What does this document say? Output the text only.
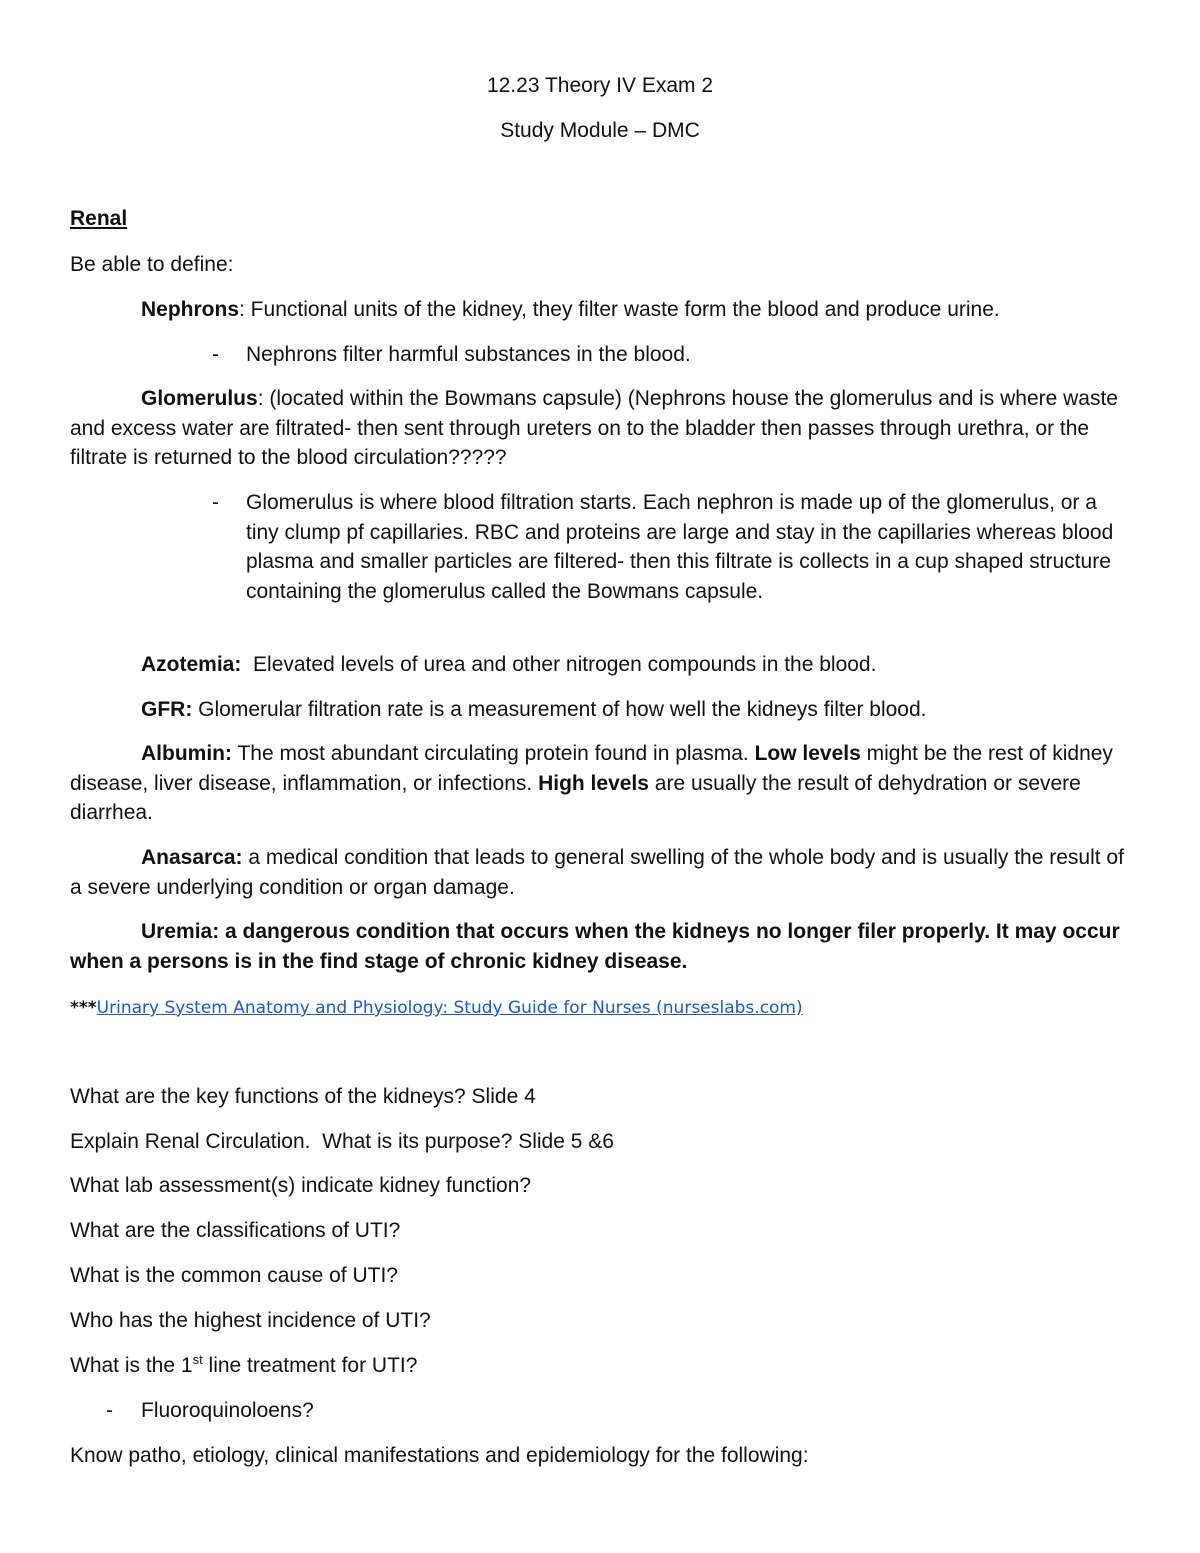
12.23 Theory IV Exam 2
Study Module – DMC
Renal
Be able to define:
Nephrons: Functional units of the kidney, they filter waste form the blood and produce urine.
- Nephrons filter harmful substances in the blood.
Glomerulus: (located within the Bowmans capsule) (Nephrons house the glomerulus and is where waste and excess water are filtrated- then sent through ureters on to the bladder then passes through urethra, or the filtrate is returned to the blood circulation?????
- Glomerulus is where blood filtration starts. Each nephron is made up of the glomerulus, or a tiny clump pf capillaries. RBC and proteins are large and stay in the capillaries whereas blood plasma and smaller particles are filtered- then this filtrate is collects in a cup shaped structure containing the glomerulus called the Bowmans capsule.
Azotemia:  Elevated levels of urea and other nitrogen compounds in the blood.
GFR: Glomerular filtration rate is a measurement of how well the kidneys filter blood.
Albumin: The most abundant circulating protein found in plasma. Low levels might be the rest of kidney disease, liver disease, inflammation, or infections. High levels are usually the result of dehydration or severe diarrhea.
Anasarca: a medical condition that leads to general swelling of the whole body and is usually the result of a severe underlying condition or organ damage.
Uremia: a dangerous condition that occurs when the kidneys no longer filer properly. It may occur when a persons is in the find stage of chronic kidney disease.
***Urinary System Anatomy and Physiology: Study Guide for Nurses (nurseslabs.com)
What are the key functions of the kidneys? Slide 4
Explain Renal Circulation.  What is its purpose? Slide 5 &6
What lab assessment(s) indicate kidney function?
What are the classifications of UTI?
What is the common cause of UTI?
Who has the highest incidence of UTI?
What is the 1st line treatment for UTI?
- Fluoroquinoloens?
Know patho, etiology, clinical manifestations and epidemiology for the following:
